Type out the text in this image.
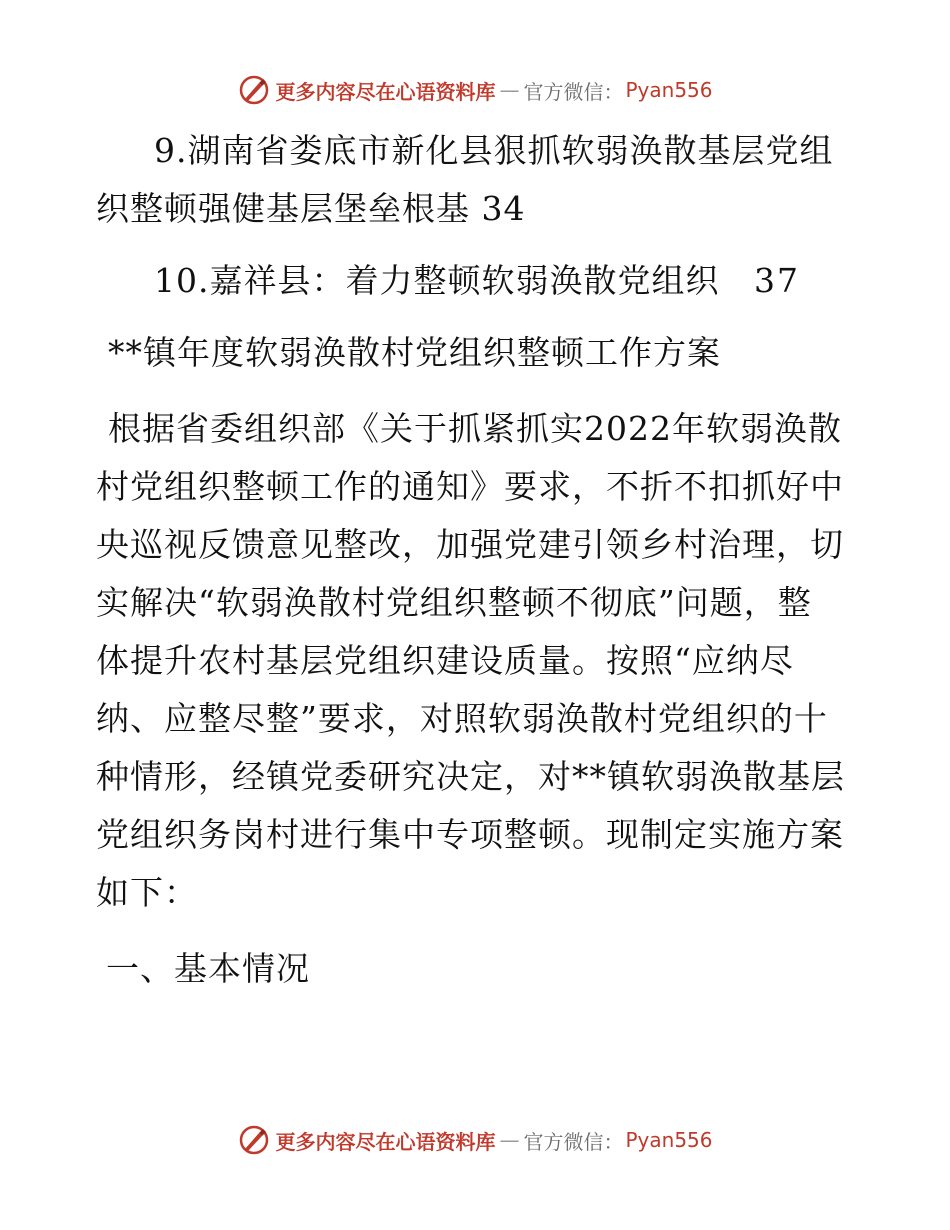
更多内容尽在心语资料库 — 官方微信： Pyan556
9.湖南省娄底市新化县狠抓软弱涣散基层党组
织整顿强健基层堡垒根基 34
10.嘉祥县：着力整顿软弱涣散党组织	37
**镇年度软弱涣散村党组织整顿工作方案
根据省委组织部《关于抓紧抓实2022年软弱涣散
村党组织整顿工作的通知》要求，不折不扣抓好中
央巡视反馈意见整改，加强党建引领乡村治理，切
实解决“软弱涣散村党组织整顿不彻底”问题，整
体提升农村基层党组织建设质量。按照“应纳尽
纳、应整尽整”要求，对照软弱涣散村党组织的十
种情形，经镇党委研究决定，对**镇软弱涣散基层
党组织务岗村进行集中专项整顿。现制定实施方案
如下：
一、基本情况
更多内容尽在心语资料库 — 官方微信： Pyan556
